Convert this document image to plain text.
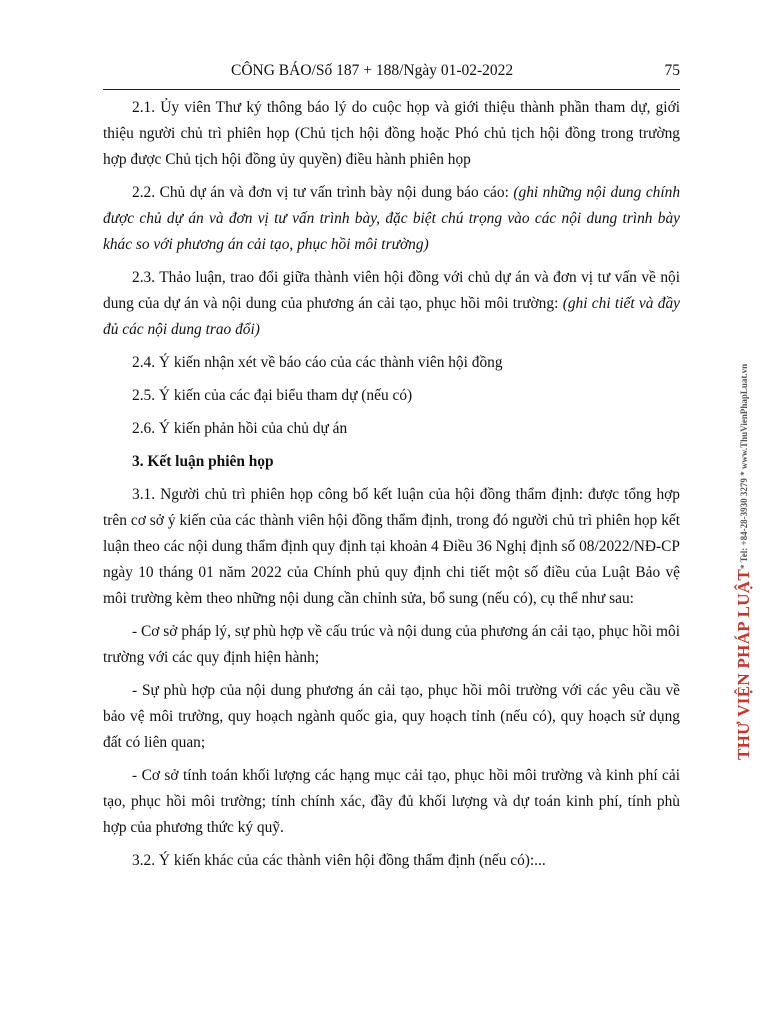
CÔNG BÁO/Số 187 + 188/Ngày 01-02-2022	75

2.1. Ủy viên Thư ký thông báo lý do cuộc họp và giới thiệu thành phần tham dự, giới thiệu người chủ trì phiên họp (Chủ tịch hội đồng hoặc Phó chủ tịch hội đồng trong trường hợp được Chủ tịch hội đồng ủy quyền) điều hành phiên họp

2.2. Chủ dự án và đơn vị tư vấn trình bày nội dung báo cáo: (ghi những nội dung chính được chủ dự án và đơn vị tư vấn trình bày, đặc biệt chú trọng vào các nội dung trình bày khác so với phương án cải tạo, phục hồi môi trường)

2.3. Thảo luận, trao đổi giữa thành viên hội đồng với chủ dự án và đơn vị tư vấn về nội dung của dự án và nội dung của phương án cải tạo, phục hồi môi trường: (ghi chi tiết và đầy đủ các nội dung trao đổi)

2.4. Ý kiến nhận xét về báo cáo của các thành viên hội đồng

2.5. Ý kiến của các đại biểu tham dự (nếu có)

2.6. Ý kiến phản hồi của chủ dự án

3. Kết luận phiên họp

3.1. Người chủ trì phiên họp công bố kết luận của hội đồng thẩm định: được tổng hợp trên cơ sở ý kiến của các thành viên hội đồng thẩm định, trong đó người chủ trì phiên họp kết luận theo các nội dung thẩm định quy định tại khoản 4 Điều 36 Nghị định số 08/2022/NĐ-CP ngày 10 tháng 01 năm 2022 của Chính phủ quy định chi tiết một số điều của Luật Bảo vệ môi trường kèm theo những nội dung cần chỉnh sửa, bổ sung (nếu có), cụ thể như sau:

- Cơ sở pháp lý, sự phù hợp về cấu trúc và nội dung của phương án cải tạo, phục hồi môi trường với các quy định hiện hành;

- Sự phù hợp của nội dung phương án cải tạo, phục hồi môi trường với các yêu cầu về bảo vệ môi trường, quy hoạch ngành quốc gia, quy hoạch tỉnh (nếu có), quy hoạch sử dụng đất có liên quan;

- Cơ sở tính toán khối lượng các hạng mục cải tạo, phục hồi môi trường và kinh phí cải tạo, phục hồi môi trường; tính chính xác, đầy đủ khối lượng và dự toán kinh phí, tính phù hợp của phương thức ký quỹ.

3.2. Ý kiến khác của các thành viên hội đồng thẩm định (nếu có):...

THƯ VIỆN PHÁP LUẬT* Tel: +84-28-3930 3279 * www.ThuVienPhapLuat.vn
